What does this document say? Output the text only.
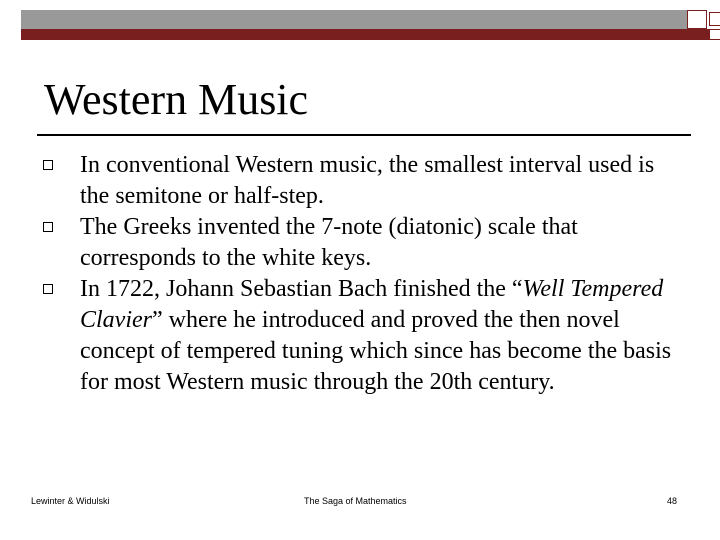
Western Music
In conventional Western music, the smallest interval used is the semitone or half-step.
The Greeks invented the 7-note (diatonic) scale that corresponds to the white keys.
In 1722, Johann Sebastian Bach finished the “Well Tempered Clavier” where he introduced and proved the then novel concept of tempered tuning which since has become the basis for most Western music through the 20th century.
Lewinter & Widulski	The Saga of Mathematics	48
